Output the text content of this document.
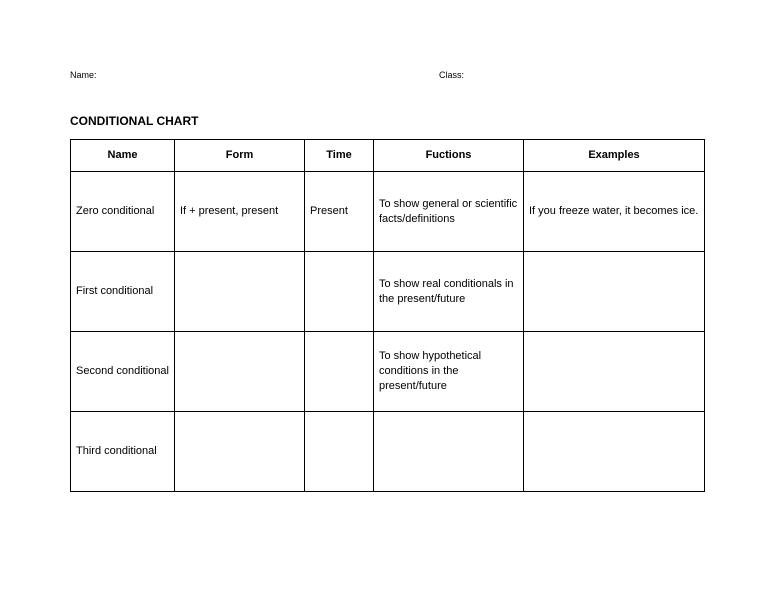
Name:	Class:
CONDITIONAL CHART
Name	Form	Time	Fuctions	Examples
Zero conditional	If + present, present	Present	To show general or scientific facts/definitions	If you freeze water, it becomes ice.
First conditional			To show real conditionals in the present/future	
Second conditional			To show hypothetical conditions in the present/future	
Third conditional				
